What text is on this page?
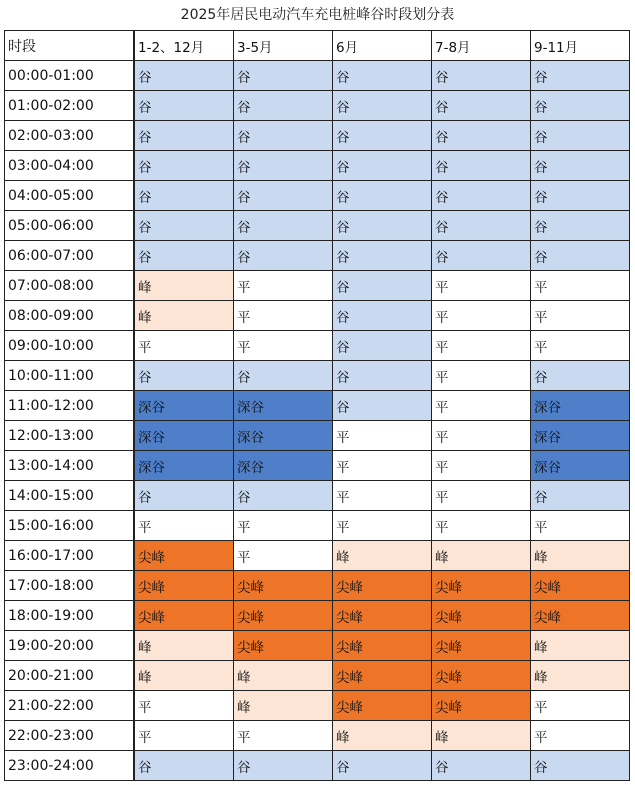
2025年居民电动汽车充电桩峰谷时段划分表
时段	1-2、12月	3-5月	6月	7-8月	9-11月
00:00-01:00	谷	谷	谷	谷	谷
01:00-02:00	谷	谷	谷	谷	谷
02:00-03:00	谷	谷	谷	谷	谷
03:00-04:00	谷	谷	谷	谷	谷
04:00-05:00	谷	谷	谷	谷	谷
05:00-06:00	谷	谷	谷	谷	谷
06:00-07:00	谷	谷	谷	谷	谷
07:00-08:00	峰	平	谷	平	平
08:00-09:00	峰	平	谷	平	平
09:00-10:00	平	平	谷	平	平
10:00-11:00	谷	谷	谷	平	谷
11:00-12:00	深谷	深谷	谷	平	深谷
12:00-13:00	深谷	深谷	平	平	深谷
13:00-14:00	深谷	深谷	平	平	深谷
14:00-15:00	谷	谷	平	平	谷
15:00-16:00	平	平	平	平	平
16:00-17:00	尖峰	平	峰	峰	峰
17:00-18:00	尖峰	尖峰	尖峰	尖峰	尖峰
18:00-19:00	尖峰	尖峰	尖峰	尖峰	尖峰
19:00-20:00	峰	尖峰	尖峰	尖峰	峰
20:00-21:00	峰	峰	尖峰	尖峰	峰
21:00-22:00	平	峰	尖峰	尖峰	平
22:00-23:00	平	平	峰	峰	平
23:00-24:00	谷	谷	谷	谷	谷
